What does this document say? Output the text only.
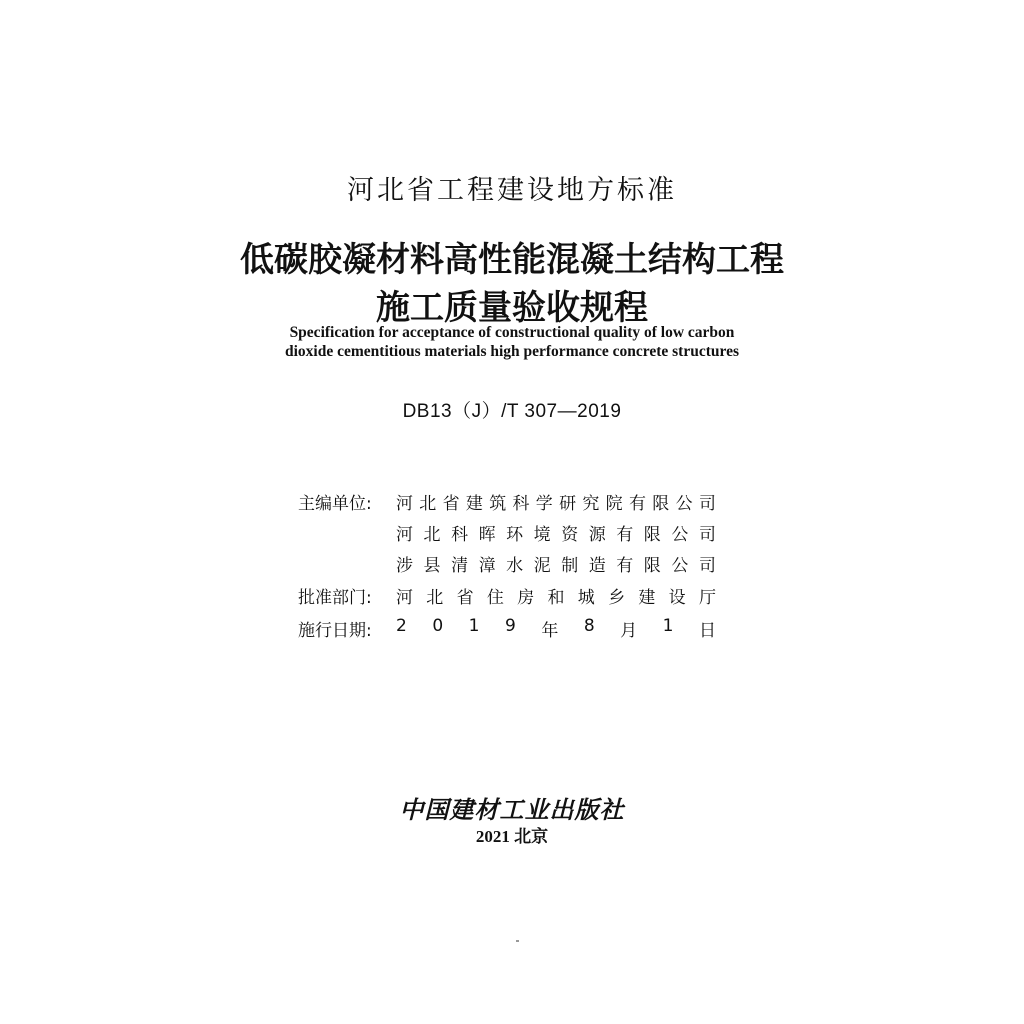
河北省工程建设地方标准
低碳胶凝材料高性能混凝土结构工程
施工质量验收规程
Specification for acceptance of constructional quality of low carbon
dioxide cementitious materials high performance concrete structures
DB13（J）/T 307—2019
主编单位:	河 北 省 建 筑 科 学 研 究 院 有 限 公 司
河 北 科 晖 环 境 资 源 有 限 公 司
涉 县 清 漳 水 泥 制 造 有 限 公 司
批准部门:	河 北 省 住 房 和 城 乡 建 设 厅
施行日期:	2 0 1 9 年 8 月 1 日
中国建材工业出版社
2021 北京
